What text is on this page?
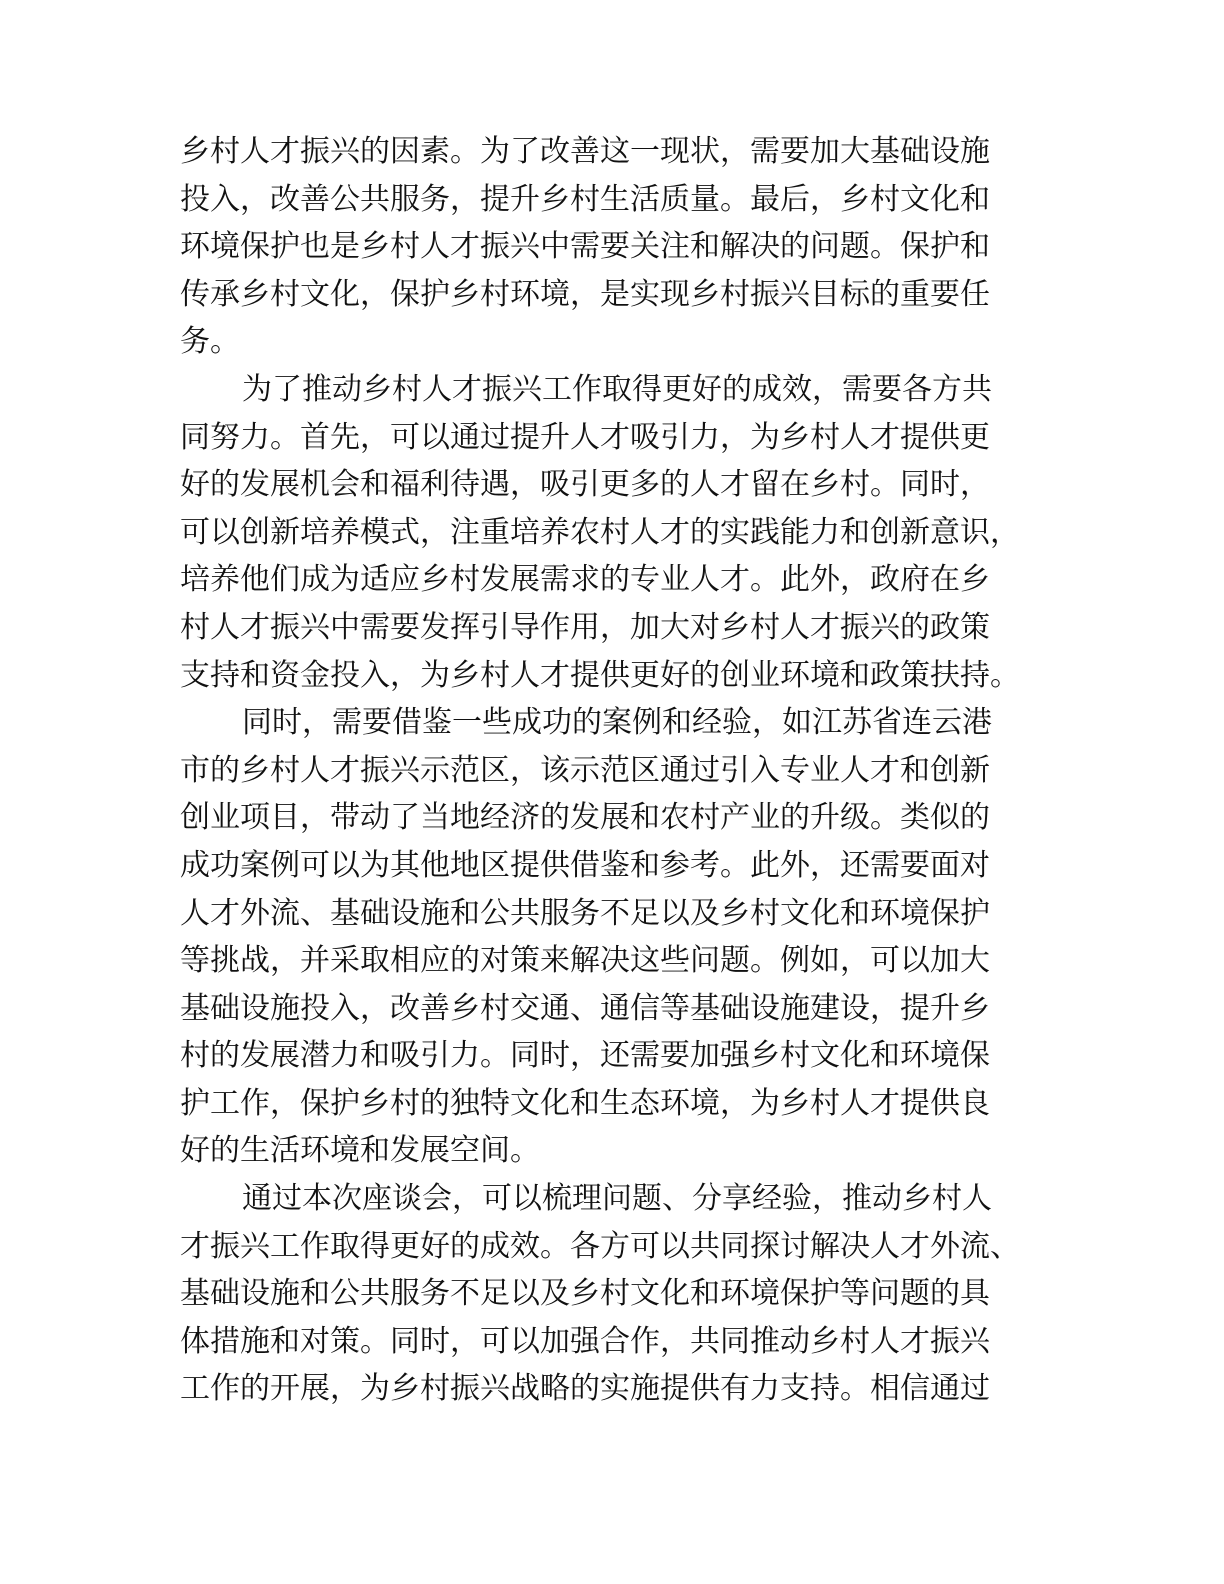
乡村人才振兴的因素。为了改善这一现状，需要加大基础设施
投入，改善公共服务，提升乡村生活质量。最后，乡村文化和
环境保护也是乡村人才振兴中需要关注和解决的问题。保护和
传承乡村文化，保护乡村环境，是实现乡村振兴目标的重要任
务。
为了推动乡村人才振兴工作取得更好的成效，需要各方共
同努力。首先，可以通过提升人才吸引力，为乡村人才提供更
好的发展机会和福利待遇，吸引更多的人才留在乡村。同时，
可以创新培养模式，注重培养农村人才的实践能力和创新意识，
培养他们成为适应乡村发展需求的专业人才。此外，政府在乡
村人才振兴中需要发挥引导作用，加大对乡村人才振兴的政策
支持和资金投入，为乡村人才提供更好的创业环境和政策扶持。
同时，需要借鉴一些成功的案例和经验，如江苏省连云港
市的乡村人才振兴示范区，该示范区通过引入专业人才和创新
创业项目，带动了当地经济的发展和农村产业的升级。类似的
成功案例可以为其他地区提供借鉴和参考。此外，还需要面对
人才外流、基础设施和公共服务不足以及乡村文化和环境保护
等挑战，并采取相应的对策来解决这些问题。例如，可以加大
基础设施投入，改善乡村交通、通信等基础设施建设，提升乡
村的发展潜力和吸引力。同时，还需要加强乡村文化和环境保
护工作，保护乡村的独特文化和生态环境，为乡村人才提供良
好的生活环境和发展空间。
通过本次座谈会，可以梳理问题、分享经验，推动乡村人
才振兴工作取得更好的成效。各方可以共同探讨解决人才外流、
基础设施和公共服务不足以及乡村文化和环境保护等问题的具
体措施和对策。同时，可以加强合作，共同推动乡村人才振兴
工作的开展，为乡村振兴战略的实施提供有力支持。相信通过
